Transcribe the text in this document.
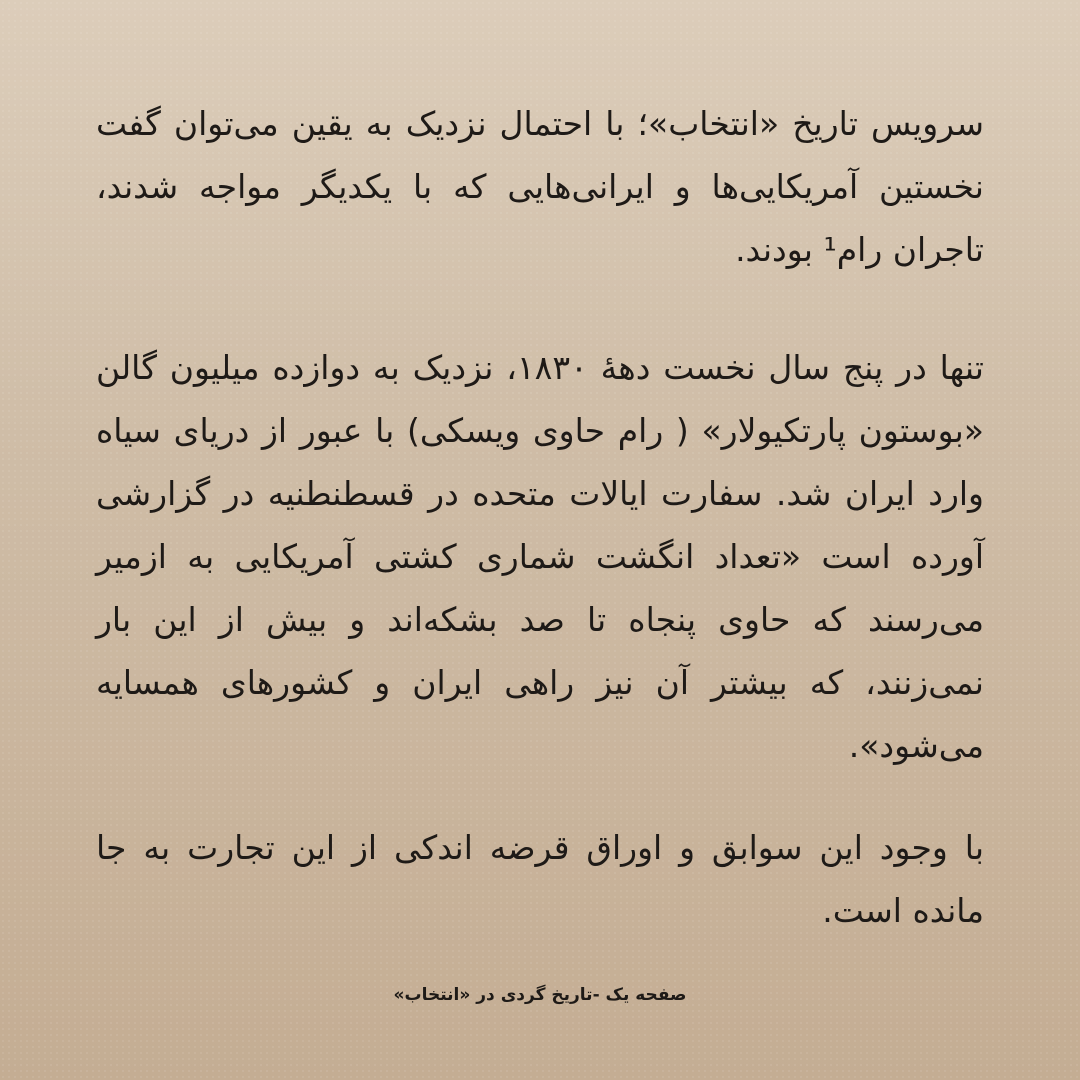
سرویس تاریخ «انتخاب»؛ با احتمال نزدیک به یقین می‌توان گفت نخستین آمریکایی‌ها و ایرانی‌هایی که با یکدیگر مواجه شدند، تاجران رام¹ بودند.

تنها در پنج سال نخست دههٔ ۱۸۳۰، نزدیک به دوازده میلیون گالن «بوستون پارتکیولار» ( رام حاوی ویسکی) با عبور از دریای سیاه وارد ایران شد. سفارت ایالات متحده در قسطنطنیه در گزارشی آورده است «تعداد انگشت شماری کشتی آمریکایی به ازمیر می‌رسند که حاوی پنجاه تا صد بشکه‌اند و بیش از این بار نمی‌زنند، که بیشتر آن نیز راهی ایران و کشورهای همسایه می‌شود».

با وجود این سوابق و اوراق قرضه اندکی از این تجارت به جا مانده است.

صفحه یک -تاریخ گردی در «انتخاب»
